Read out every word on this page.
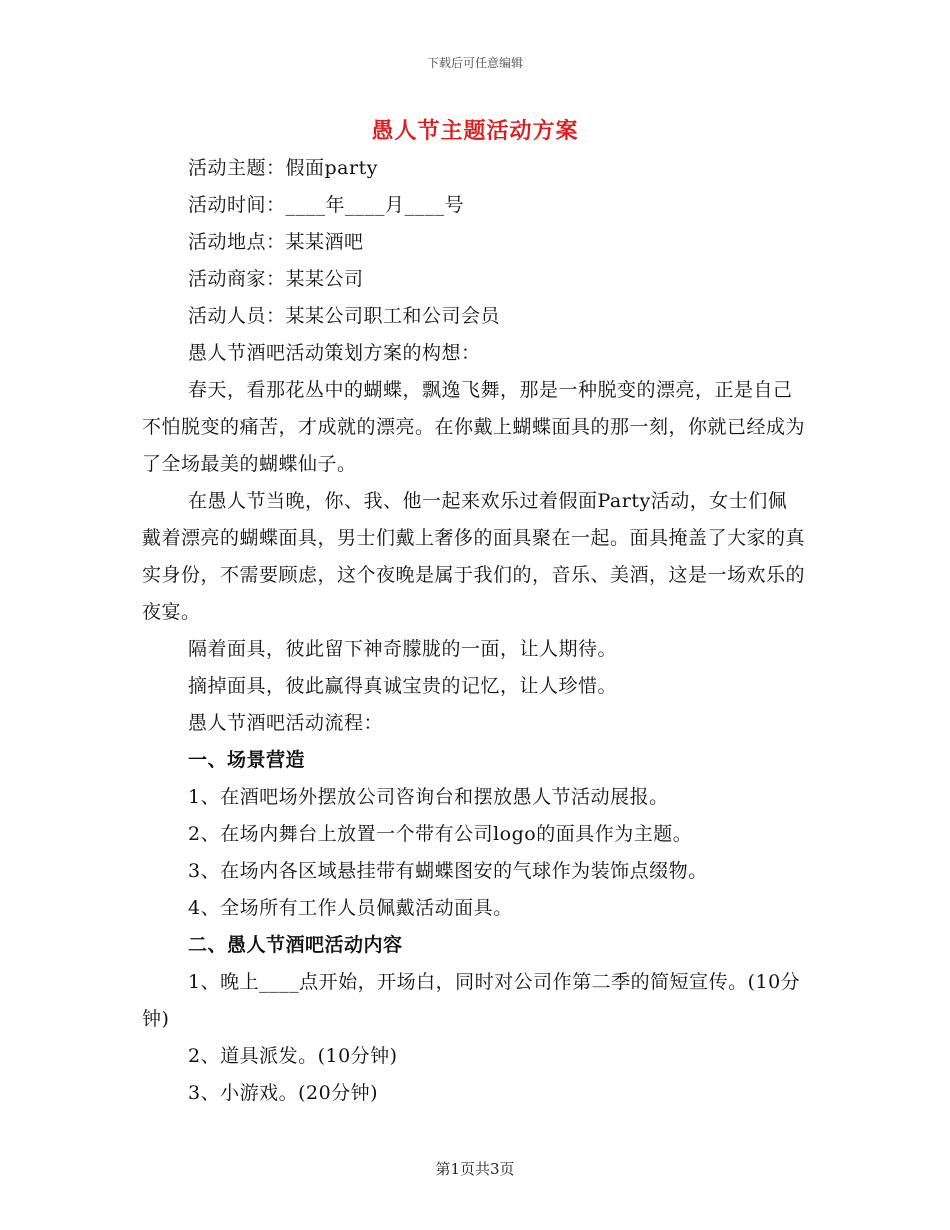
下载后可任意编辑
愚人节主题活动方案

活动主题：假面party

活动时间：____年____月____号

活动地点：某某酒吧

活动商家：某某公司

活动人员：某某公司职工和公司会员

愚人节酒吧活动策划方案的构想：

春天，看那花丛中的蝴蝶，飘逸飞舞，那是一种脱变的漂亮，正是自己不怕脱变的痛苦，才成就的漂亮。在你戴上蝴蝶面具的那一刻，你就已经成为了全场最美的蝴蝶仙子。

在愚人节当晚，你、我、他一起来欢乐过着假面Party活动，女士们佩戴着漂亮的蝴蝶面具，男士们戴上奢侈的面具聚在一起。面具掩盖了大家的真实身份，不需要顾虑，这个夜晚是属于我们的，音乐、美酒，这是一场欢乐的夜宴。

隔着面具，彼此留下神奇朦胧的一面，让人期待。

摘掉面具，彼此赢得真诚宝贵的记忆，让人珍惜。

愚人节酒吧活动流程：

一、场景营造

1、在酒吧场外摆放公司咨询台和摆放愚人节活动展报。

2、在场内舞台上放置一个带有公司logo的面具作为主题。

3、在场内各区域悬挂带有蝴蝶图安的气球作为装饰点缀物。

4、全场所有工作人员佩戴活动面具。

二、愚人节酒吧活动内容

1、晚上____点开始，开场白，同时对公司作第二季的简短宣传。(10分钟)

2、道具派发。(10分钟)

3、小游戏。(20分钟)

第1页共3页
